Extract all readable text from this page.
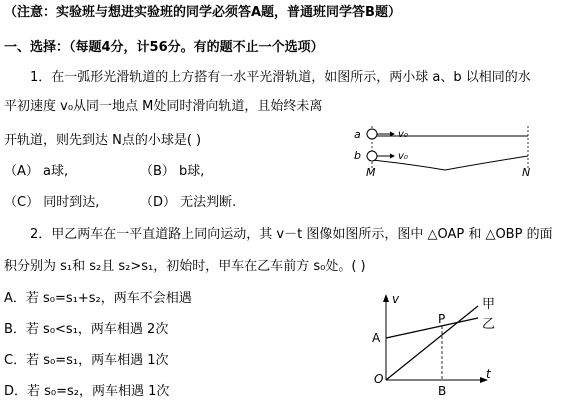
（注意：实验班与想进实验班的同学必须答A题，普通班同学答B题）
一、选择：（每题4分，计56分。有的题不止一个选项）
1．在一弧形光滑轨道的上方搭有一水平光滑轨道，如图所示，两小球 a、b 以相同的水
平初速度 v₀从同一地点 M处同时滑向轨道，且始终未离
开轨道，则先到达 N点的小球是( )
（A） a球,	（B） b球,
（C） 同时到达,	（D） 无法判断.
a
b
v₀
v₀
M	N
2．甲乙两车在一平直道路上同向运动，其 v－t 图像如图所示，图中 △OAP 和 △OBP 的面
积分别为 s₁和 s₂且 s₂>s₁，初始时，甲车在乙车前方 s₀处。( )
A．若 s₀=s₁+s₂，两车不会相遇
B．若 s₀<s₁，两车相遇 2次
C．若 s₀=s₁，两车相遇 1次
D．若 s₀=s₂，两车相遇 1次
v
t
O
A
B
P
甲
乙
